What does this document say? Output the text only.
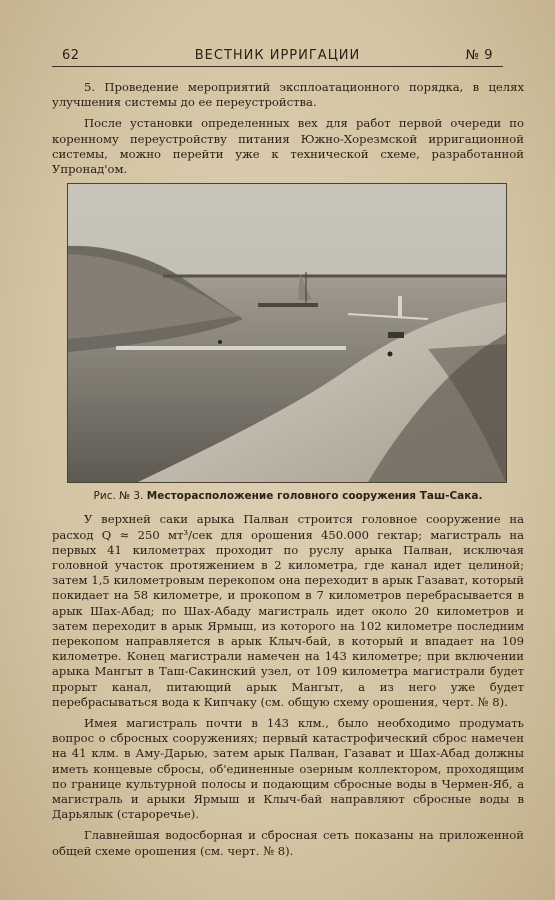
62	ВЕСТНИК ИРРИГАЦИИ	№ 9

5. Проведение мероприятий эксплоатационного порядка, в целях улучшения системы до ее переустройства.

После установки определенных вех для работ первой очереди по коренному переустройству питания Южно-Хорезмской ирригационной системы, можно перейти уже к технической схеме, разработанной Упронад'ом.

Рис. № 3. Месторасположение головного сооружения Таш-Сака.

У верхней саки арыка Палван строится головное сооружение на расход Q ≈ 250 мт³/сек для орошения 450.000 гектар; магистраль на первых 41 километрах проходит по руслу арыка Палван, исключая головной участок протяжением в 2 километра, где канал идет целиной; затем 1,5 километровым перекопом она переходит в арык Газават, который покидает на 58 километре, и прокопом в 7 километров перебрасывается в арык Шах-Абад; по Шах-Абаду магистраль идет около 20 километров и затем переходит в арык Ярмыш, из которого на 102 километре последним перекопом направляется в арык Клыч-бай, в который и впадает на 109 километре. Конец магистрали намечен на 143 километре; при включении арыка Мангыт в Таш-Сакинский узел, от 109 километра магистрали будет прорыт канал, питающий арык Мангыт, а из него уже будет перебрасываться вода к Кипчаку (см. общую схему орошения, черт. № 8).

Имея магистраль почти в 143 клм., было необходимо продумать вопрос о сбросных сооружениях; первый катастрофический сброс намечен на 41 клм. в Аму-Дарью, затем арык Палван, Газават и Шах-Абад должны иметь концевые сбросы, об'единенные озерным коллектором, проходящим по границе культурной полосы и подающим сбросные воды в Чермен-Яб, а магистраль и арыки Ярмыш и Клыч-бай направляют сбросные воды в Дарьялык (староречье).

Главнейшая водосборная и сбросная сеть показаны на приложенной общей схеме орошения (см. черт. № 8).
